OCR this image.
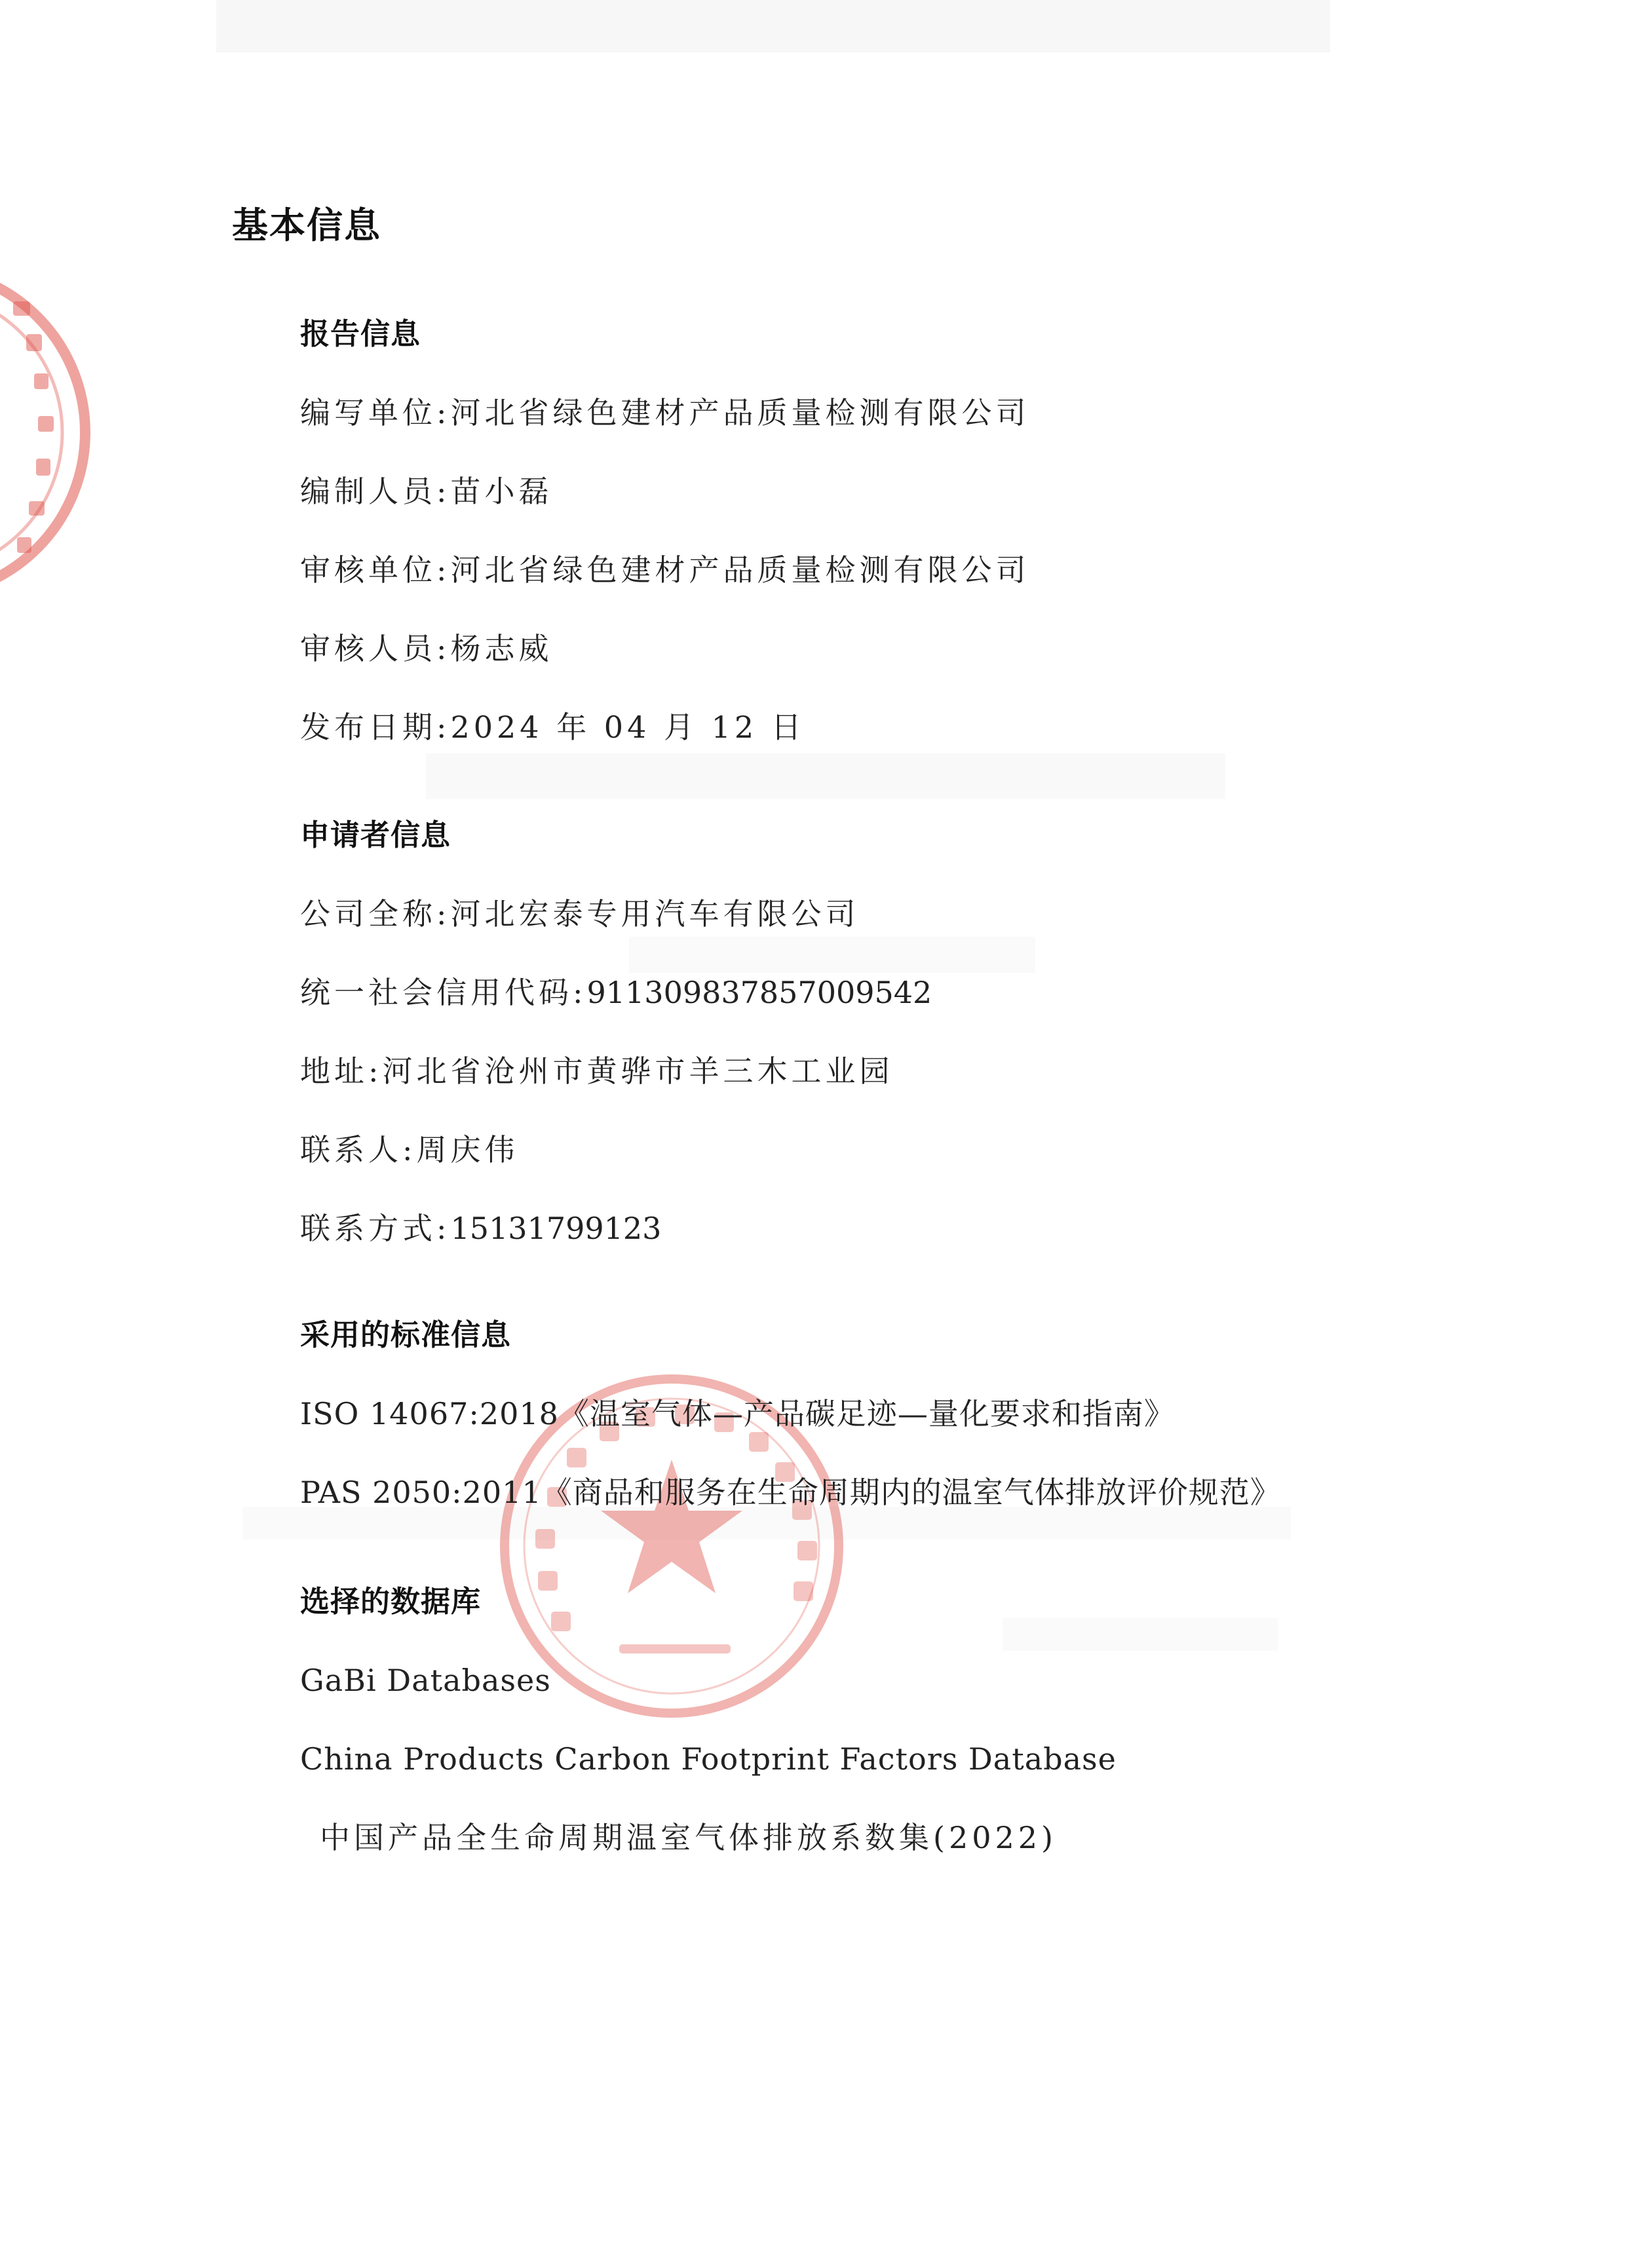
基本信息
报告信息
编写单位:河北省绿色建材产品质量检测有限公司
编制人员:苗小磊
审核单位:河北省绿色建材产品质量检测有限公司
审核人员:杨志威
发布日期:2024 年 04 月 12 日
申请者信息
公司全称:河北宏泰专用汽车有限公司
统一社会信用代码:911309837857009542
地址:河北省沧州市黄骅市羊三木工业园
联系人:周庆伟
联系方式:15131799123
采用的标准信息
ISO 14067:2018《温室气体—产品碳足迹—量化要求和指南》
PAS 2050:2011《商品和服务在生命周期内的温室气体排放评价规范》
选择的数据库
GaBi Databases
China Products Carbon Footprint Factors Database
中国产品全生命周期温室气体排放系数集(2022)
